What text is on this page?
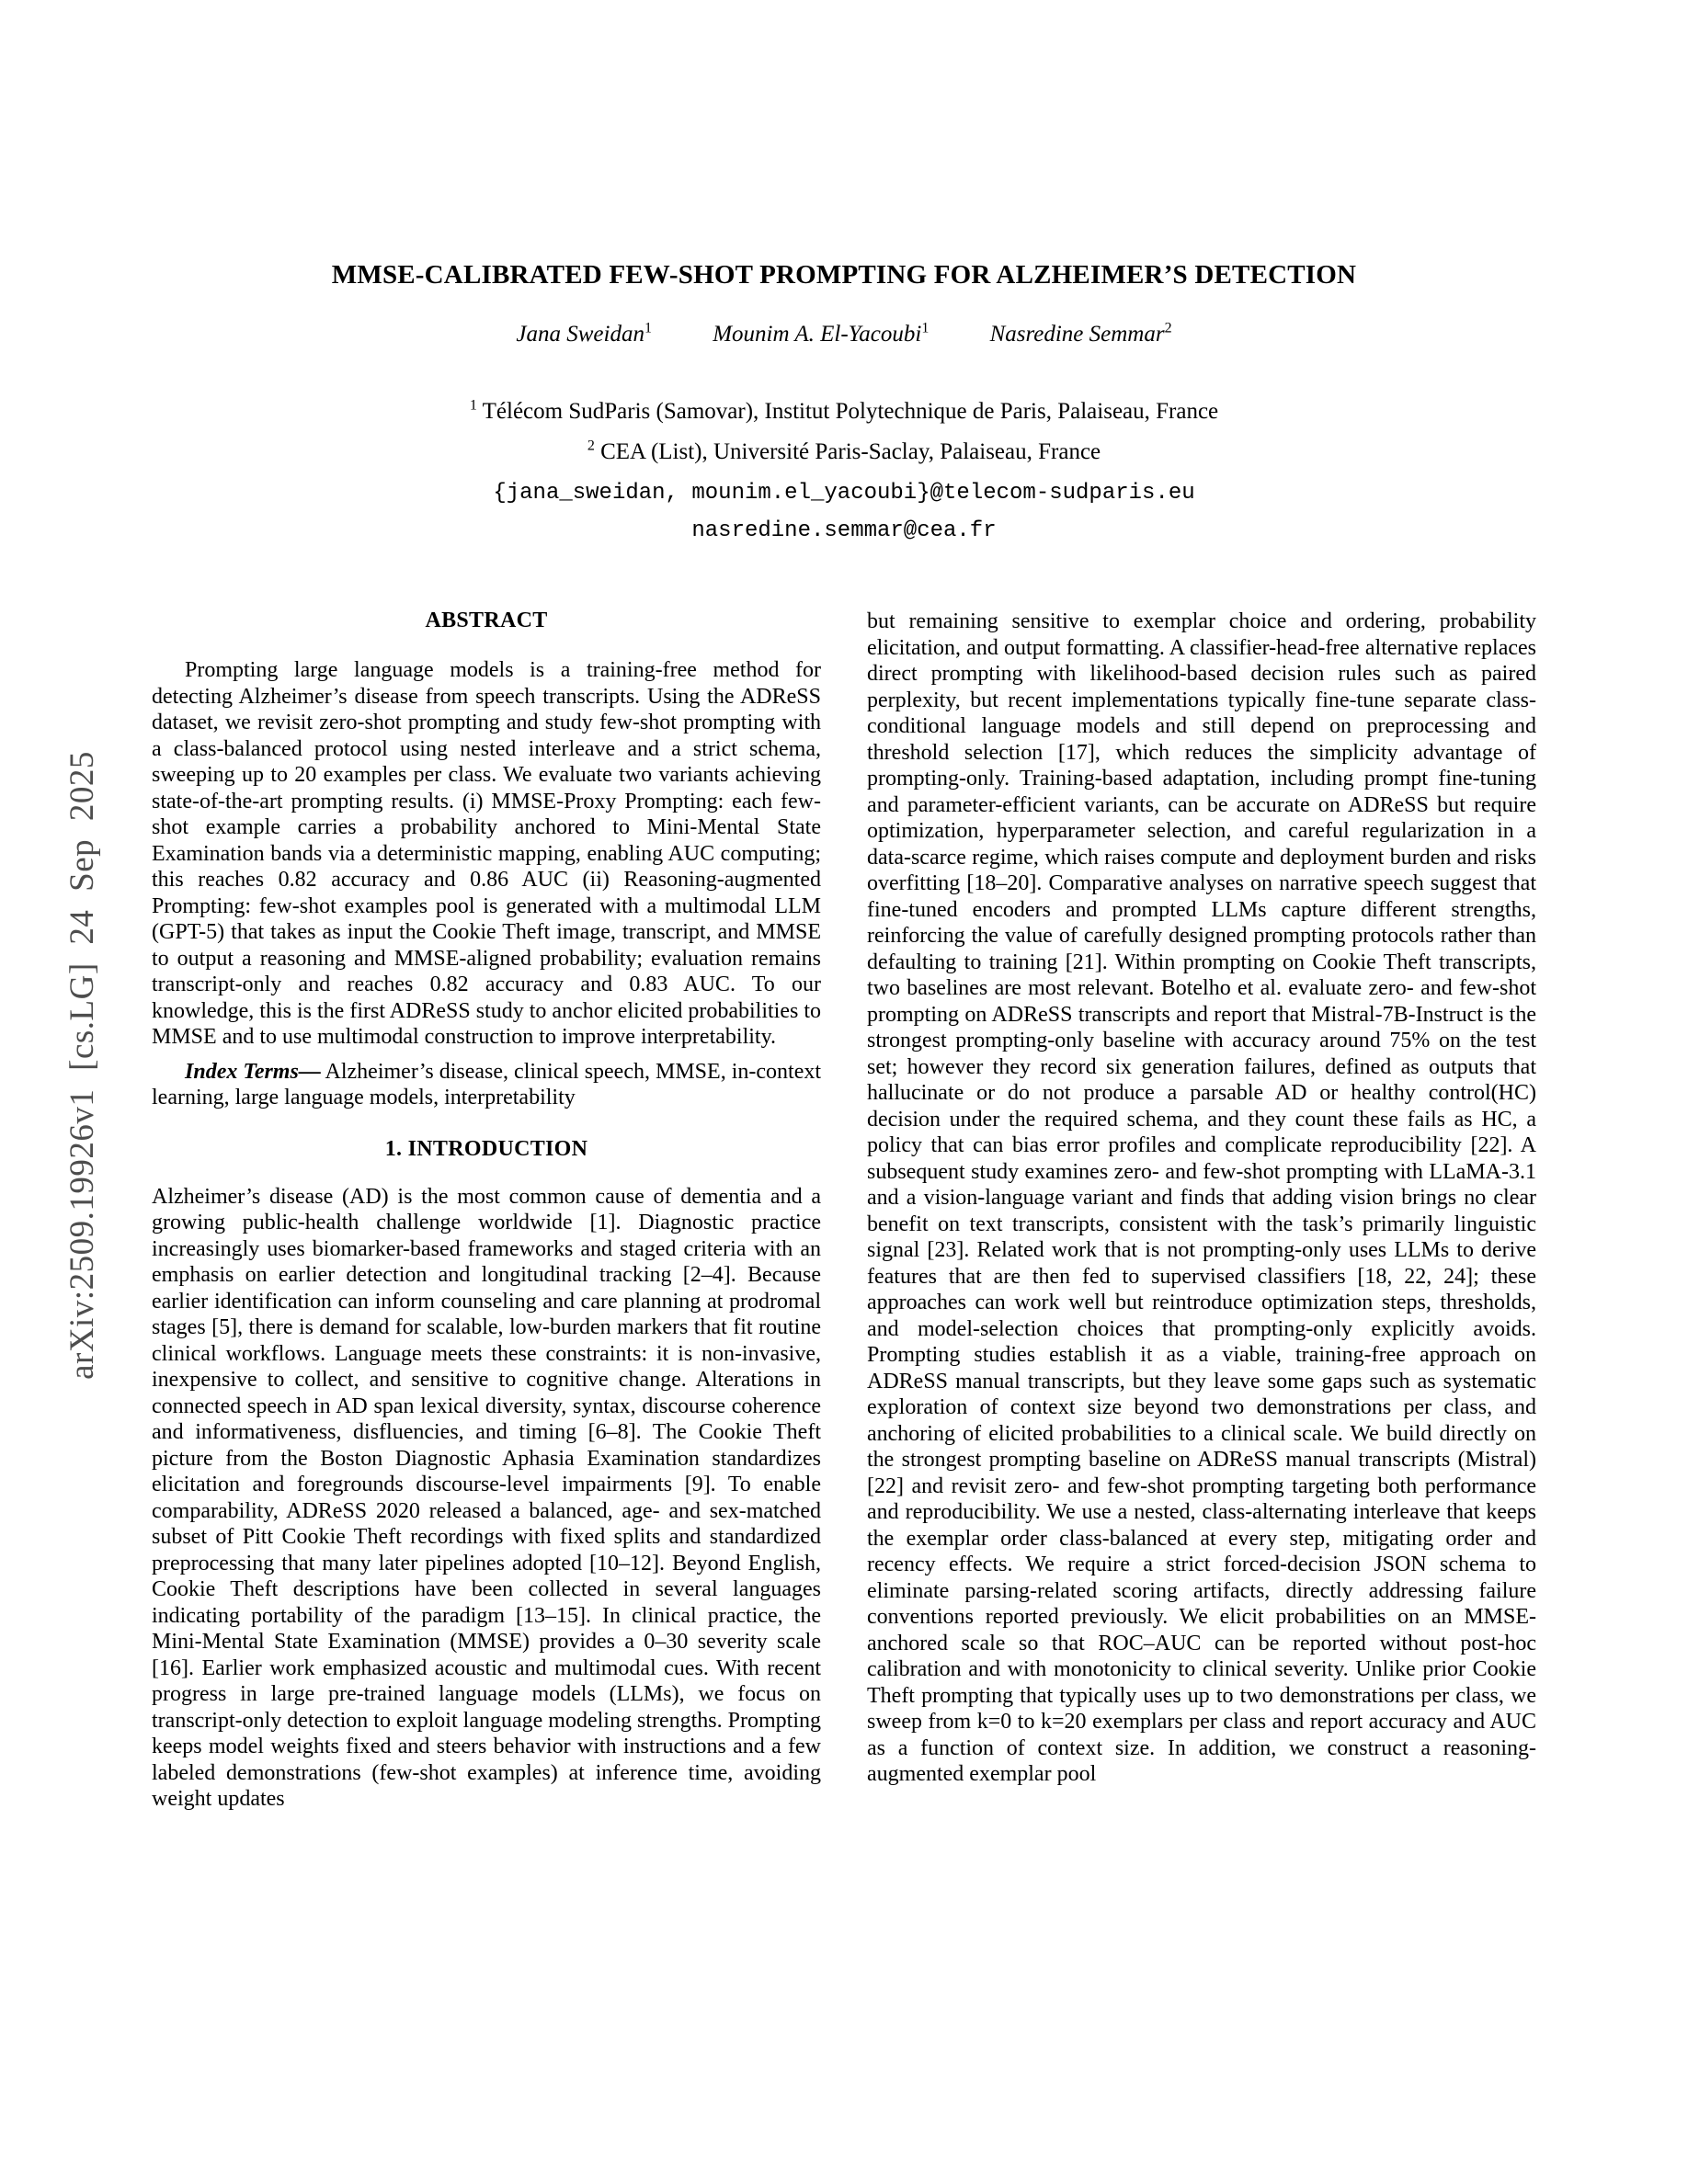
arXiv:2509.19926v1 [cs.LG] 24 Sep 2025
MMSE-CALIBRATED FEW-SHOT PROMPTING FOR ALZHEIMER’S DETECTION
Jana Sweidan$^1$	Mounim A. El-Yacoubi$^1$	Nasredine Semmar$^2$
$^1$ Télécom SudParis (Samovar), Institut Polytechnique de Paris, Palaiseau, France
$^2$ CEA (List), Université Paris-Saclay, Palaiseau, France
{jana_sweidan, mounim.el_yacoubi}@telecom-sudparis.eu
nasredine.semmar@cea.fr
ABSTRACT

Prompting large language models is a training-free method for detecting Alzheimer’s disease from speech transcripts. Using the ADReSS dataset, we revisit zero-shot prompting and study few-shot prompting with a class-balanced protocol using nested interleave and a strict schema, sweeping up to 20 examples per class. We evaluate two variants achieving state-of-the-art prompting results. (i) MMSE-Proxy Prompting: each few-shot example carries a probability anchored to Mini-Mental State Examination bands via a deterministic mapping, enabling AUC computing; this reaches 0.82 accuracy and 0.86 AUC (ii) Reasoning-augmented Prompting: few-shot examples pool is generated with a multimodal LLM (GPT-5) that takes as input the Cookie Theft image, transcript, and MMSE to output a reasoning and MMSE-aligned probability; evaluation remains transcript-only and reaches 0.82 accuracy and 0.83 AUC. To our knowledge, this is the first ADReSS study to anchor elicited probabilities to MMSE and to use multimodal construction to improve interpretability.

Index Terms— Alzheimer’s disease, clinical speech, MMSE, in-context learning, large language models, interpretability

1. INTRODUCTION

Alzheimer’s disease (AD) is the most common cause of dementia and a growing public-health challenge worldwide [1]. Diagnostic practice increasingly uses biomarker-based frameworks and staged criteria with an emphasis on earlier detection and longitudinal tracking [2–4]. Because earlier identification can inform counseling and care planning at prodromal stages [5], there is demand for scalable, low-burden markers that fit routine clinical workflows. Language meets these constraints: it is non-invasive, inexpensive to collect, and sensitive to cognitive change. Alterations in connected speech in AD span lexical diversity, syntax, discourse coherence and informativeness, disfluencies, and timing [6–8]. The Cookie Theft picture from the Boston Diagnostic Aphasia Examination standardizes elicitation and foregrounds discourse-level impairments [9]. To enable comparability, ADReSS 2020 released a balanced, age- and sex-matched subset of Pitt Cookie Theft recordings with fixed splits and standardized preprocessing that many later pipelines adopted [10–12]. Beyond English, Cookie Theft descriptions have been collected in several languages indicating portability of the paradigm [13–15]. In clinical practice, the Mini-Mental State Examination (MMSE) provides a 0–30 severity scale [16]. Earlier work emphasized acoustic and multimodal cues. With recent progress in large pre-trained language models (LLMs), we focus on transcript-only detection to exploit language modeling strengths. Prompting keeps model weights fixed and steers behavior with instructions and a few labeled demonstrations (few-shot examples) at inference time, avoiding weight updates

but remaining sensitive to exemplar choice and ordering, probability elicitation, and output formatting. A classifier-head-free alternative replaces direct prompting with likelihood-based decision rules such as paired perplexity, but recent implementations typically fine-tune separate class-conditional language models and still depend on preprocessing and threshold selection [17], which reduces the simplicity advantage of prompting-only. Training-based adaptation, including prompt fine-tuning and parameter-efficient variants, can be accurate on ADReSS but require optimization, hyperparameter selection, and careful regularization in a data-scarce regime, which raises compute and deployment burden and risks overfitting [18–20]. Comparative analyses on narrative speech suggest that fine-tuned encoders and prompted LLMs capture different strengths, reinforcing the value of carefully designed prompting protocols rather than defaulting to training [21]. Within prompting on Cookie Theft transcripts, two baselines are most relevant. Botelho et al. evaluate zero- and few-shot prompting on ADReSS transcripts and report that Mistral-7B-Instruct is the strongest prompting-only baseline with accuracy around 75% on the test set; however they record six generation failures, defined as outputs that hallucinate or do not produce a parsable AD or healthy control(HC) decision under the required schema, and they count these fails as HC, a policy that can bias error profiles and complicate reproducibility [22]. A subsequent study examines zero- and few-shot prompting with LLaMA-3.1 and a vision-language variant and finds that adding vision brings no clear benefit on text transcripts, consistent with the task’s primarily linguistic signal [23]. Related work that is not prompting-only uses LLMs to derive features that are then fed to supervised classifiers [18, 22, 24]; these approaches can work well but reintroduce optimization steps, thresholds, and model-selection choices that prompting-only explicitly avoids. Prompting studies establish it as a viable, training-free approach on ADReSS manual transcripts, but they leave some gaps such as systematic exploration of context size beyond two demonstrations per class, and anchoring of elicited probabilities to a clinical scale. We build directly on the strongest prompting baseline on ADReSS manual transcripts (Mistral) [22] and revisit zero- and few-shot prompting targeting both performance and reproducibility. We use a nested, class-alternating interleave that keeps the exemplar order class-balanced at every step, mitigating order and recency effects. We require a strict forced-decision JSON schema to eliminate parsing-related scoring artifacts, directly addressing failure conventions reported previously. We elicit probabilities on an MMSE-anchored scale so that ROC–AUC can be reported without post-hoc calibration and with monotonicity to clinical severity. Unlike prior Cookie Theft prompting that typically uses up to two demonstrations per class, we sweep from k=0 to k=20 exemplars per class and report accuracy and AUC as a function of context size. In addition, we construct a reasoning-augmented exemplar pool
